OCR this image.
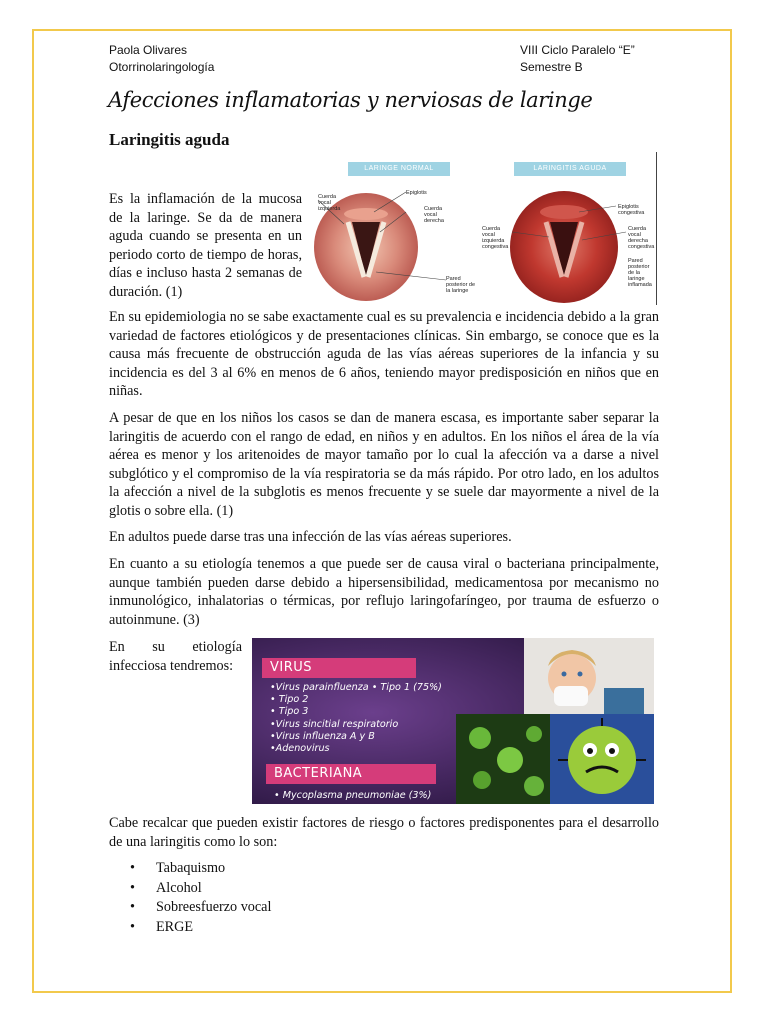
Paola Olivares
Otorrinolaringología
VIII Ciclo Paralelo “E”
Semestre B
Afecciones inflamatorias y nerviosas de laringe
Laringitis aguda
Es la inflamación de la mucosa de la laringe. Se da de manera aguda cuando se presenta en un periodo corto de tiempo de horas, días e incluso hasta 2 semanas de duración. (1)
LARINGE NORMAL	LARINGITIS AGUDA
Cuerda vocal izquierda
Epiglotis
Cuerda vocal derecha
Pared posterior de la laringe
Cuerda vocal izquierda congestiva
Epiglotis congestiva
Cuerda vocal derecha congestiva
Pared posterior de la laringe inflamada
En su epidemiologia no se sabe exactamente cual es su prevalencia e incidencia debido a la gran variedad de factores etiológicos y de presentaciones clínicas. Sin embargo, se conoce que es la causa más frecuente de obstrucción aguda de las vías aéreas superiores de la infancia y su incidencia es del 3 al 6% en menos de 6 años, teniendo mayor predisposición en niños que en niñas.
A pesar de que en los niños los casos se dan de manera escasa, es importante saber separar la laringitis de acuerdo con el rango de edad, en niños y en adultos. En los niños el área de la vía aérea es menor y los aritenoides de mayor tamaño por lo cual la afección va a darse a nivel subglótico y el compromiso de la vía respiratoria se da más rápido. Por otro lado, en los adultos la afección a nivel de la subglotis es menos frecuente y se suele dar mayormente a nivel de la glotis o sobre ella. (1)
En adultos puede darse tras una infección de las vías aéreas superiores.
En cuanto a su etiología tenemos a que puede ser de causa viral o bacteriana principalmente, aunque también pueden darse debido a hipersensibilidad, medicamentosa por mecanismo no inmunológico, inhalatorias o térmicas, por reflujo laringofaríngeo, por trauma de esfuerzo o autoinmune. (3)
En su etiología infecciosa tendremos:	VIRUS
•Virus parainfluenza • Tipo 1 (75%)
• Tipo 2
• Tipo 3
•Virus sincitial respiratorio
•Virus influenza A y B
•Adenovirus
BACTERIANA
• Mycoplasma pneumoniae (3%)
Cabe recalcar que pueden existir factores de riesgo o factores predisponentes para el desarrollo de una laringitis como lo son:
• Tabaquismo
• Alcohol
• Sobreesfuerzo vocal
• ERGE
